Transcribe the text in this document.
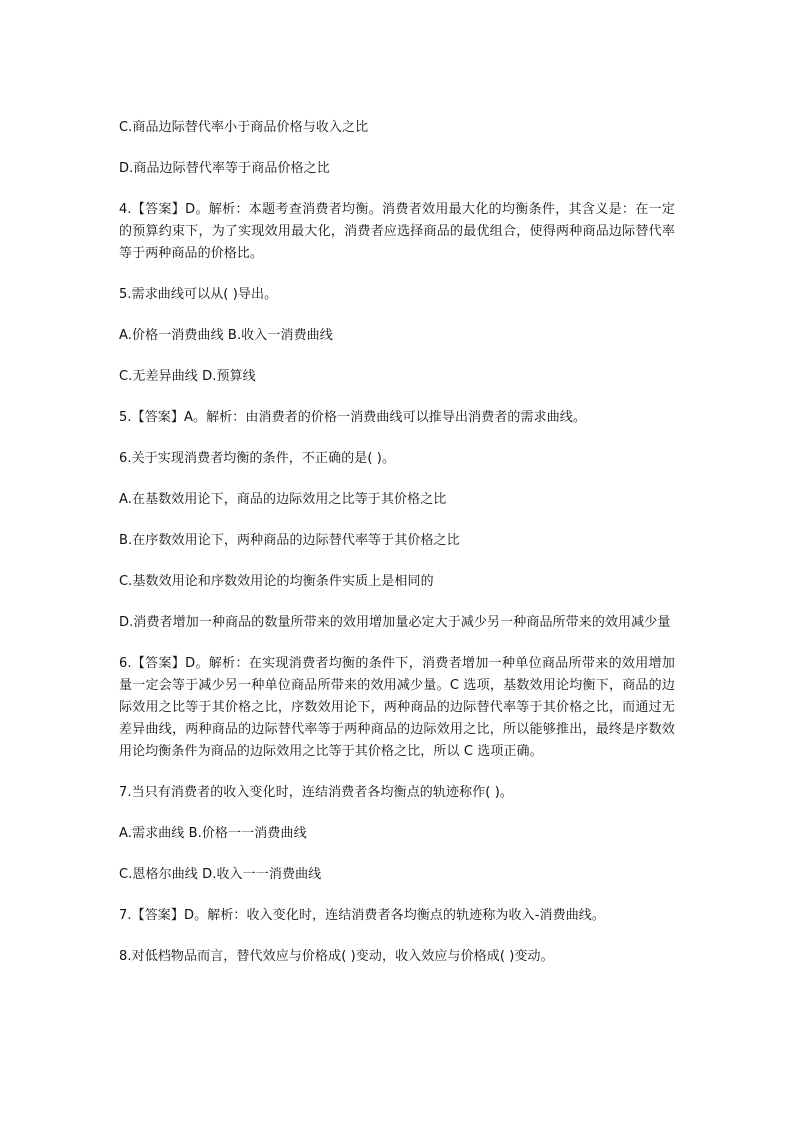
C.商品边际替代率小于商品价格与收入之比

D.商品边际替代率等于商品价格之比

4.【答案】D。解析：本题考查消费者均衡。消费者效用最大化的均衡条件，其含义是：在一定的预算约束下，为了实现效用最大化，消费者应选择商品的最优组合，使得两种商品边际替代率等于两种商品的价格比。

5.需求曲线可以从( )导出。

A.价格一消费曲线 B.收入一消费曲线

C.无差异曲线 D.预算线

5.【答案】A。解析：由消费者的价格一消费曲线可以推导出消费者的需求曲线。

6.关于实现消费者均衡的条件，不正确的是( )。

A.在基数效用论下，商品的边际效用之比等于其价格之比

B.在序数效用论下，两种商品的边际替代率等于其价格之比

C.基数效用论和序数效用论的均衡条件实质上是相同的

D.消费者增加一种商品的数量所带来的效用增加量必定大于减少另一种商品所带来的效用减少量

6.【答案】D。解析：在实现消费者均衡的条件下，消费者增加一种单位商品所带来的效用增加量一定会等于减少另一种单位商品所带来的效用减少量。C 选项，基数效用论均衡下，商品的边际效用之比等于其价格之比，序数效用论下，两种商品的边际替代率等于其价格之比，而通过无差异曲线，两种商品的边际替代率等于两种商品的边际效用之比，所以能够推出，最终是序数效用论均衡条件为商品的边际效用之比等于其价格之比，所以 C 选项正确。

7.当只有消费者的收入变化时，连结消费者各均衡点的轨迹称作( )。

A.需求曲线 B.价格一一消费曲线

C.恩格尔曲线 D.收入一一消费曲线

7.【答案】D。解析：收入变化时，连结消费者各均衡点的轨迹称为收入-消费曲线。

8.对低档物品而言，替代效应与价格成( )变动，收入效应与价格成( )变动。
